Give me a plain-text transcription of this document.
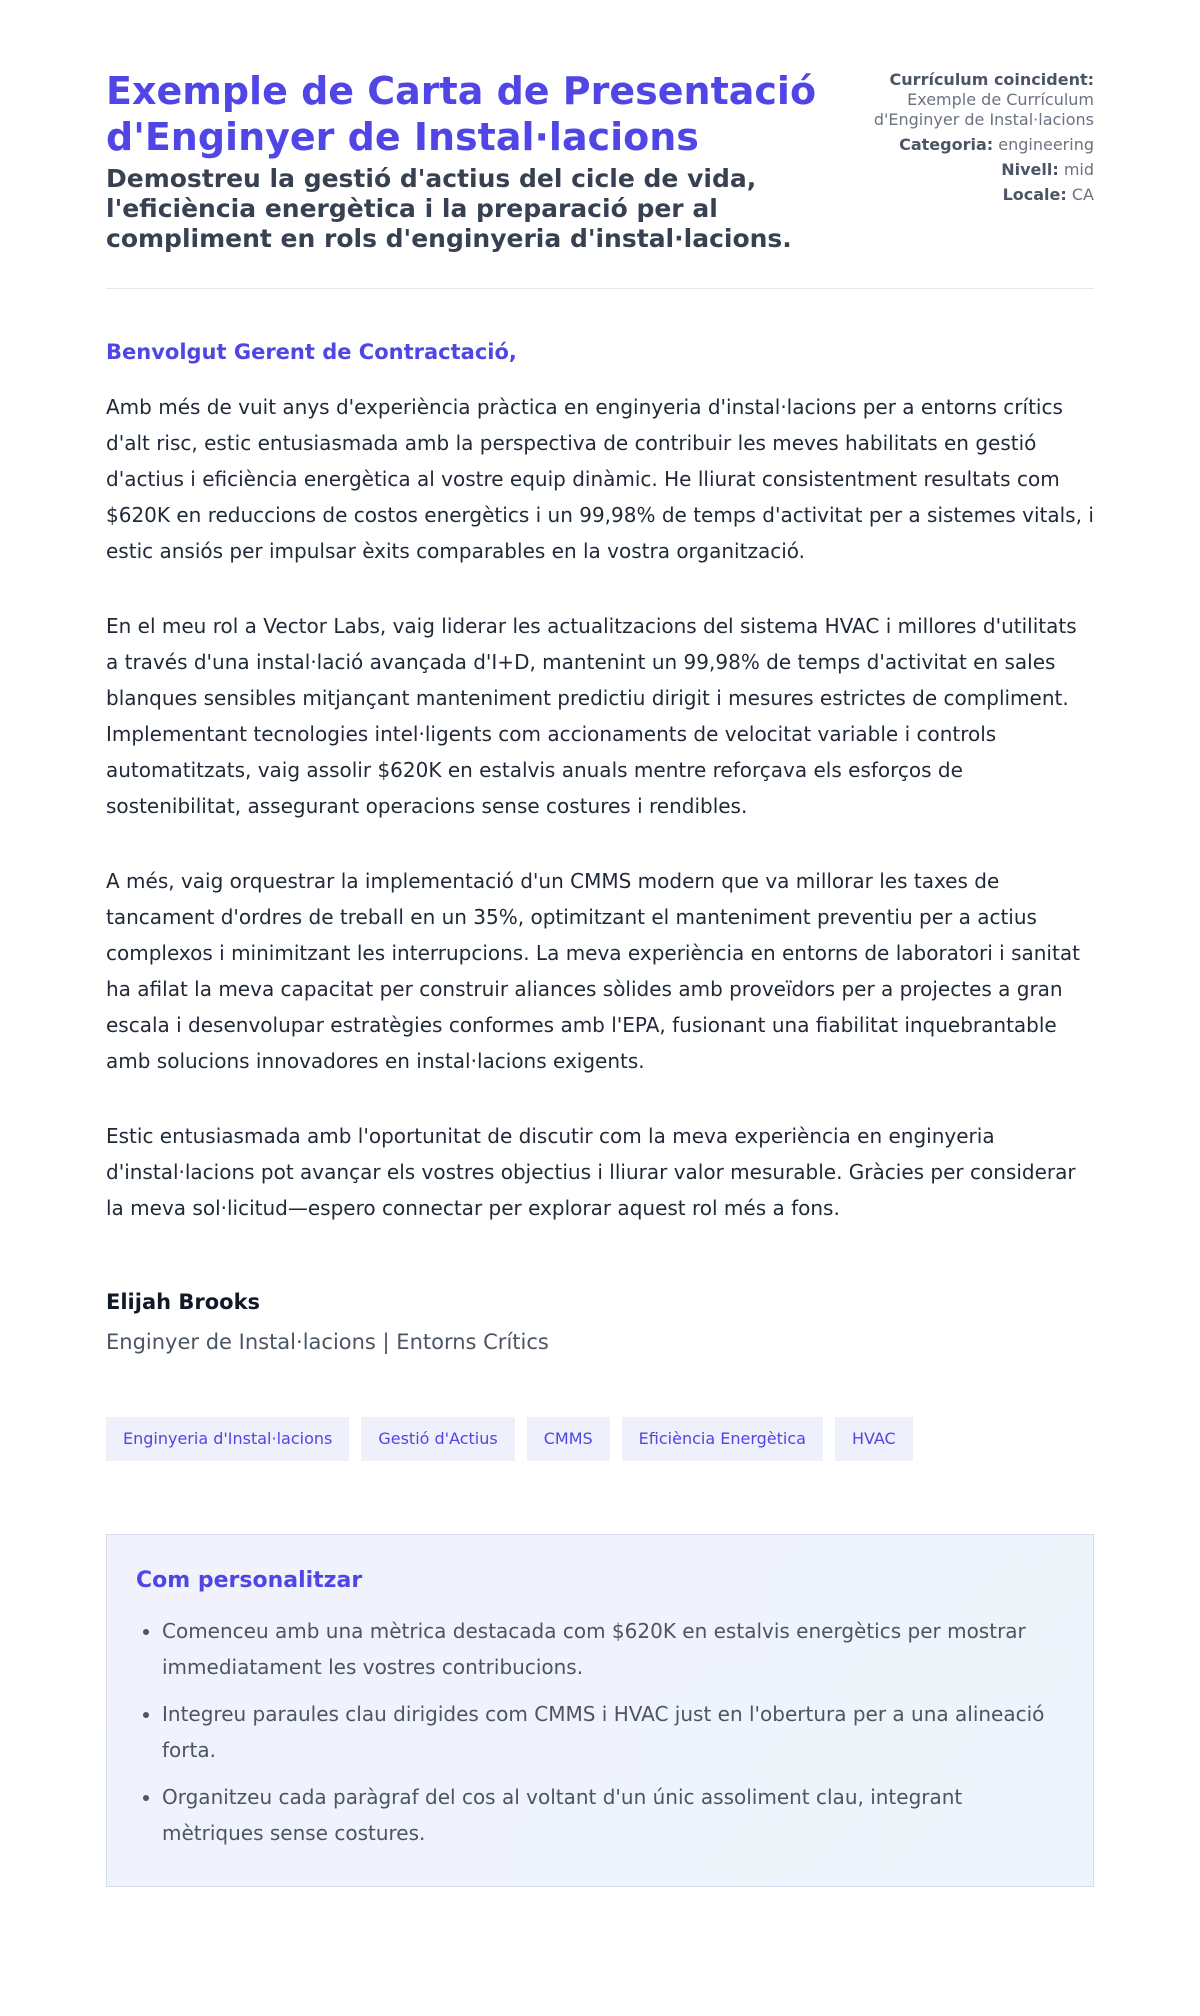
Exemple de Carta de Presentació d'Enginyer de Instal·lacions
Demostreu la gestió d'actius del cicle de vida, l'eficiència energètica i la preparació per al compliment en rols d'enginyeria d'instal·lacions.
Currículum coincident:
Exemple de Currículum d'Enginyer de Instal·lacions
Categoria: engineering
Nivell: mid
Locale: CA
Benvolgut Gerent de Contractació,

Amb més de vuit anys d'experiència pràctica en enginyeria d'instal·lacions per a entorns crítics d'alt risc, estic entusiasmada amb la perspectiva de contribuir les meves habilitats en gestió d'actius i eficiència energètica al vostre equip dinàmic. He lliurat consistentment resultats com $620K en reduccions de costos energètics i un 99,98% de temps d'activitat per a sistemes vitals, i estic ansiós per impulsar èxits comparables en la vostra organització.

En el meu rol a Vector Labs, vaig liderar les actualitzacions del sistema HVAC i millores d'utilitats a través d'una instal·lació avançada d'I+D, mantenint un 99,98% de temps d'activitat en sales blanques sensibles mitjançant manteniment predictiu dirigit i mesures estrictes de compliment. Implementant tecnologies intel·ligents com accionaments de velocitat variable i controls automatitzats, vaig assolir $620K en estalvis anuals mentre reforçava els esforços de sostenibilitat, assegurant operacions sense costures i rendibles.

A més, vaig orquestrar la implementació d'un CMMS modern que va millorar les taxes de tancament d'ordres de treball en un 35%, optimitzant el manteniment preventiu per a actius complexos i minimitzant les interrupcions. La meva experiència en entorns de laboratori i sanitat ha afilat la meva capacitat per construir aliances sòlides amb proveïdors per a projectes a gran escala i desenvolupar estratègies conformes amb l'EPA, fusionant una fiabilitat inquebrantable amb solucions innovadores en instal·lacions exigents.

Estic entusiasmada amb l'oportunitat de discutir com la meva experiència en enginyeria d'instal·lacions pot avançar els vostres objectius i lliurar valor mesurable. Gràcies per considerar la meva sol·licitud—espero connectar per explorar aquest rol més a fons.

Elijah Brooks
Enginyer de Instal·lacions | Entorns Crítics
Enginyeria d'Instal·lacions	Gestió d'Actius	CMMS	Eficiència Energètica	HVAC
Com personalitzar
• Comenceu amb una mètrica destacada com $620K en estalvis energètics per mostrar immediatament les vostres contribucions.
• Integreu paraules clau dirigides com CMMS i HVAC just en l'obertura per a una alineació forta.
• Organitzeu cada paràgraf del cos al voltant d'un únic assoliment clau, integrant mètriques sense costures.
